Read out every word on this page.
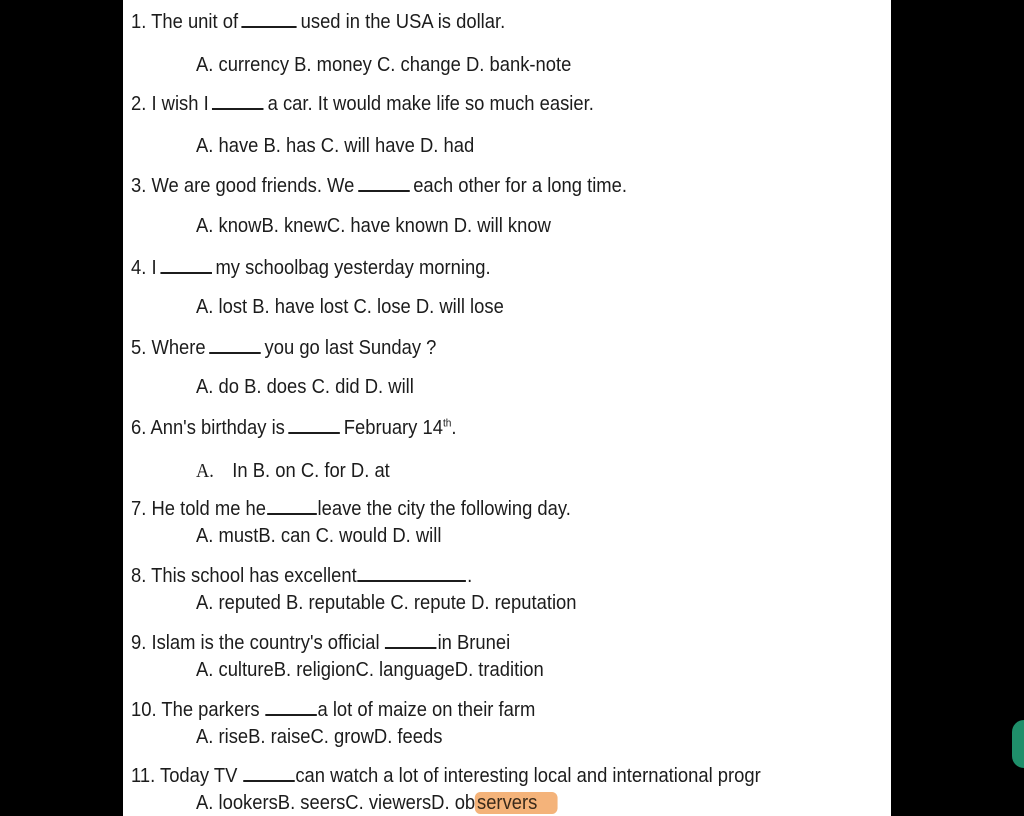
1. The unit of	used in the USA is dollar.
A. currency B. money C. change D. bank-note
2. I wish I	a car. It would make life so much easier.
A. have B. has C. will have D. had
3. We are good friends. We	each other for a long time.
A. knowB. knewC. have known D. will know
4. I	my schoolbag yesterday morning.
A. lost B. have lost C. lose D. will lose
5. Where	you go last Sunday ?
A. do B. does C. did D. will
6. Ann's birthday is	February 14th.
A. In B. on C. for D. at
7. He told me he	leave the city the following day.
A. mustB. can C. would D. will
8. This school has excellent	.
A. reputed B. reputable C. repute D. reputation
9. Islam is the country's official	in Brunei
A. cultureB. religionC. languageD. tradition
10. The parkers	a lot of maize on their farm
A. riseB. raiseC. growD. feeds
11. Today TV	can watch a lot of interesting local and international progr
A. lookersB. seersC. viewersD. observers
